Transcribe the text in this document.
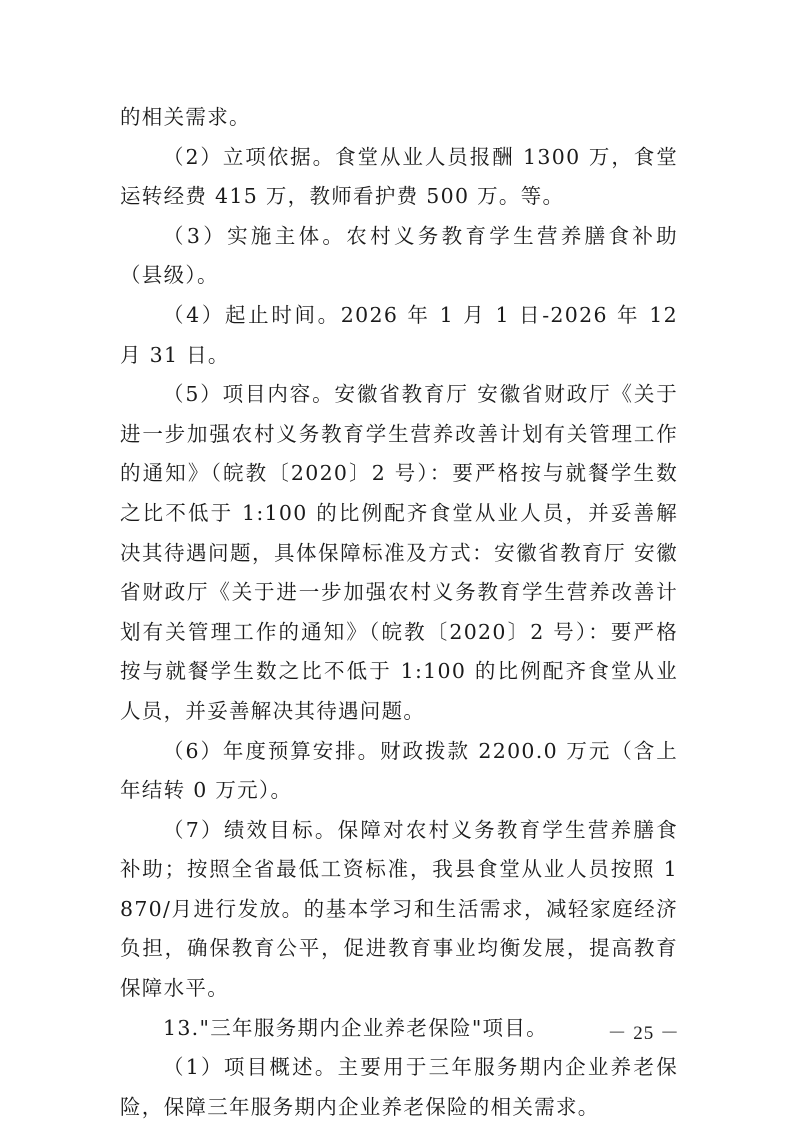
的相关需求。

（2）立项依据。食堂从业人员报酬 1300 万，食堂运转经费 415 万，教师看护费 500 万。等。

（3）实施主体。农村义务教育学生营养膳食补助（县级）。

（4）起止时间。2026 年 1 月 1 日-2026 年 12 月 31 日。

（5）项目内容。安徽省教育厅 安徽省财政厅《关于进一步加强农村义务教育学生营养改善计划有关管理工作的通知》（皖教〔2020〕2 号）：要严格按与就餐学生数之比不低于 1:100 的比例配齐食堂从业人员，并妥善解决其待遇问题，具体保障标准及方式：安徽省教育厅 安徽省财政厅《关于进一步加强农村义务教育学生营养改善计划有关管理工作的通知》（皖教〔2020〕2 号）：要严格按与就餐学生数之比不低于 1:100 的比例配齐食堂从业人员，并妥善解决其待遇问题。

（6）年度预算安排。财政拨款 2200.0 万元（含上年结转 0 万元）。

（7）绩效目标。保障对农村义务教育学生营养膳食补助；按照全省最低工资标准，我县食堂从业人员按照 1870/月进行发放。的基本学习和生活需求，减轻家庭经济负担，确保教育公平，促进教育事业均衡发展，提高教育保障水平。

13."三年服务期内企业养老保险"项目。

（1）项目概述。主要用于三年服务期内企业养老保险，保障三年服务期内企业养老保险的相关需求。

－ 25 －
